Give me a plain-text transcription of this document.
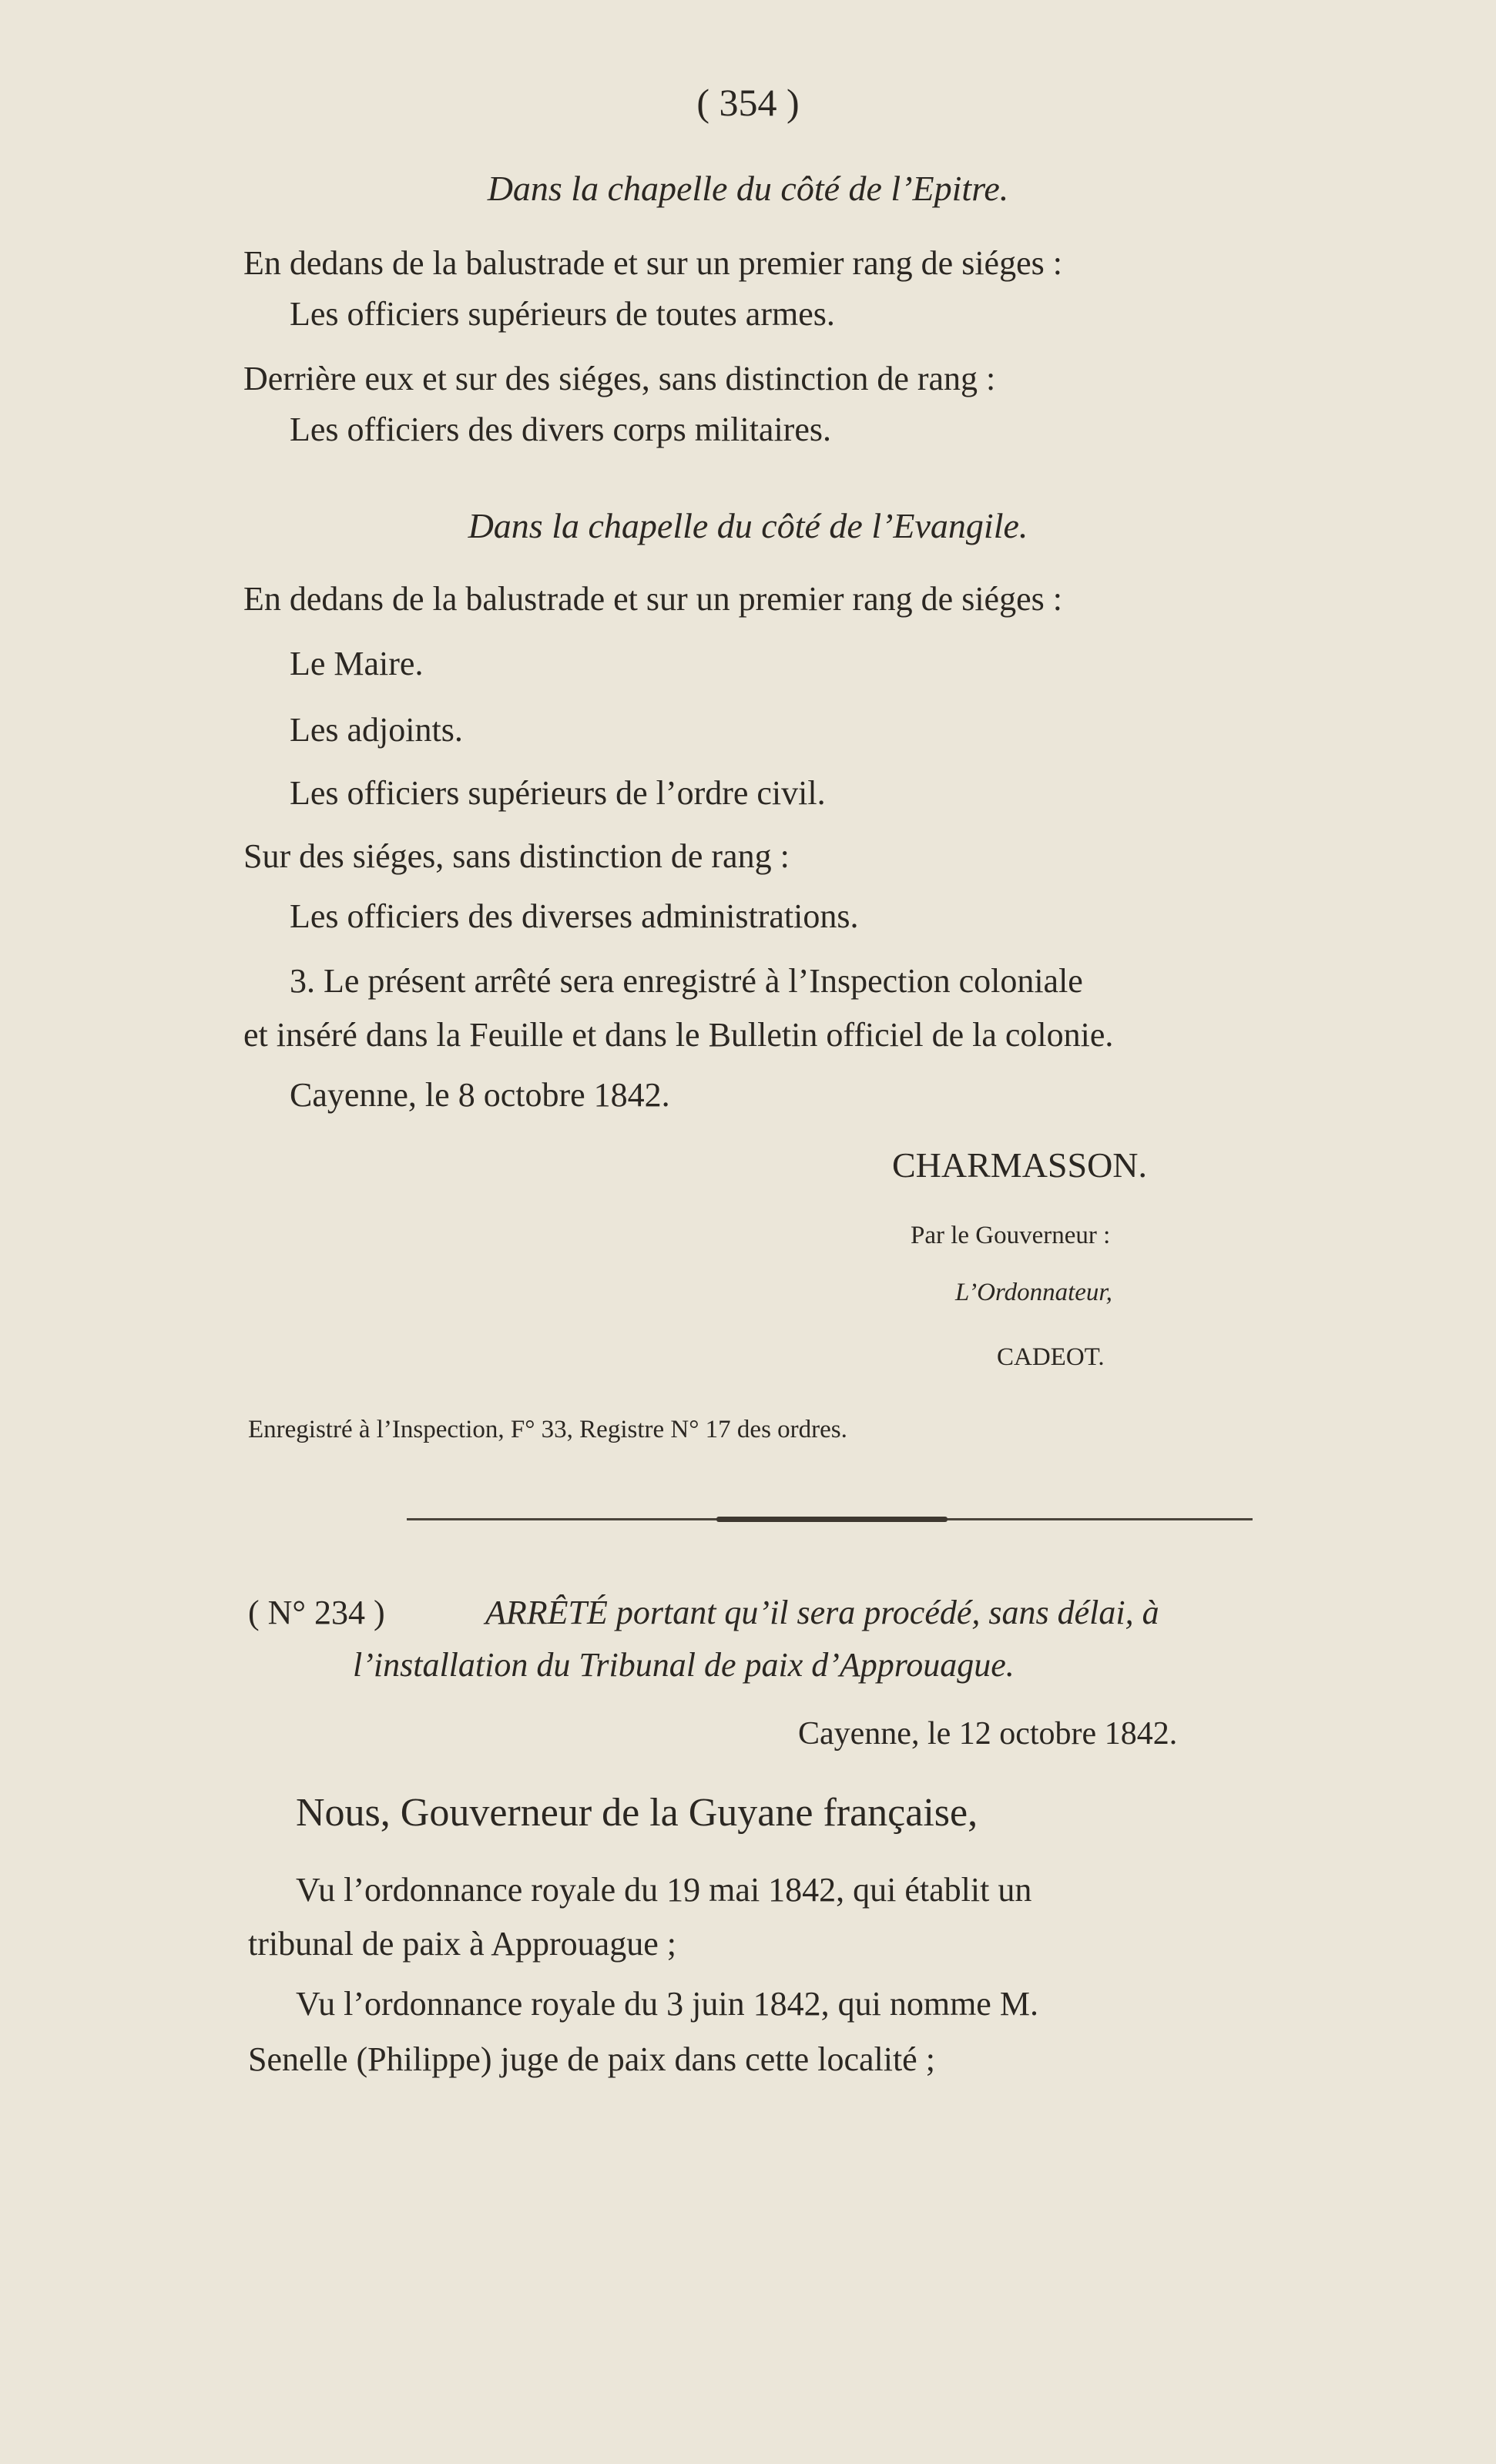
( 354 )
Dans la chapelle du côté de l’Epitre.
En dedans de la balustrade et sur un premier rang de siéges :
Les officiers supérieurs de toutes armes.
Derrière eux et sur des siéges, sans distinction de rang :
Les officiers des divers corps militaires.
Dans la chapelle du côté de l’Evangile.
En dedans de la balustrade et sur un premier rang de siéges :
Le Maire.
Les adjoints.
Les officiers supérieurs de l’ordre civil.
Sur des siéges, sans distinction de rang :
Les officiers des diverses administrations.
3. Le présent arrêté sera enregistré à l’Inspection coloniale
et inséré dans la Feuille et dans le Bulletin officiel de la colonie.
Cayenne, le 8 octobre 1842.
CHARMASSON.
Par le Gouverneur :
L’Ordonnateur,
CADEOT.
Enregistré à l’Inspection, F° 33, Registre N° 17 des ordres.
( N° 234 )	ARRÊTÉ portant qu’il sera procédé, sans délai, à
l’installation du Tribunal de paix d’Approuague.
Cayenne, le 12 octobre 1842.
Nous, Gouverneur de la Guyane française,
Vu l’ordonnance royale du 19 mai 1842, qui établit un
tribunal de paix à Approuague ;
Vu l’ordonnance royale du 3 juin 1842, qui nomme M.
Senelle (Philippe) juge de paix dans cette localité ;
